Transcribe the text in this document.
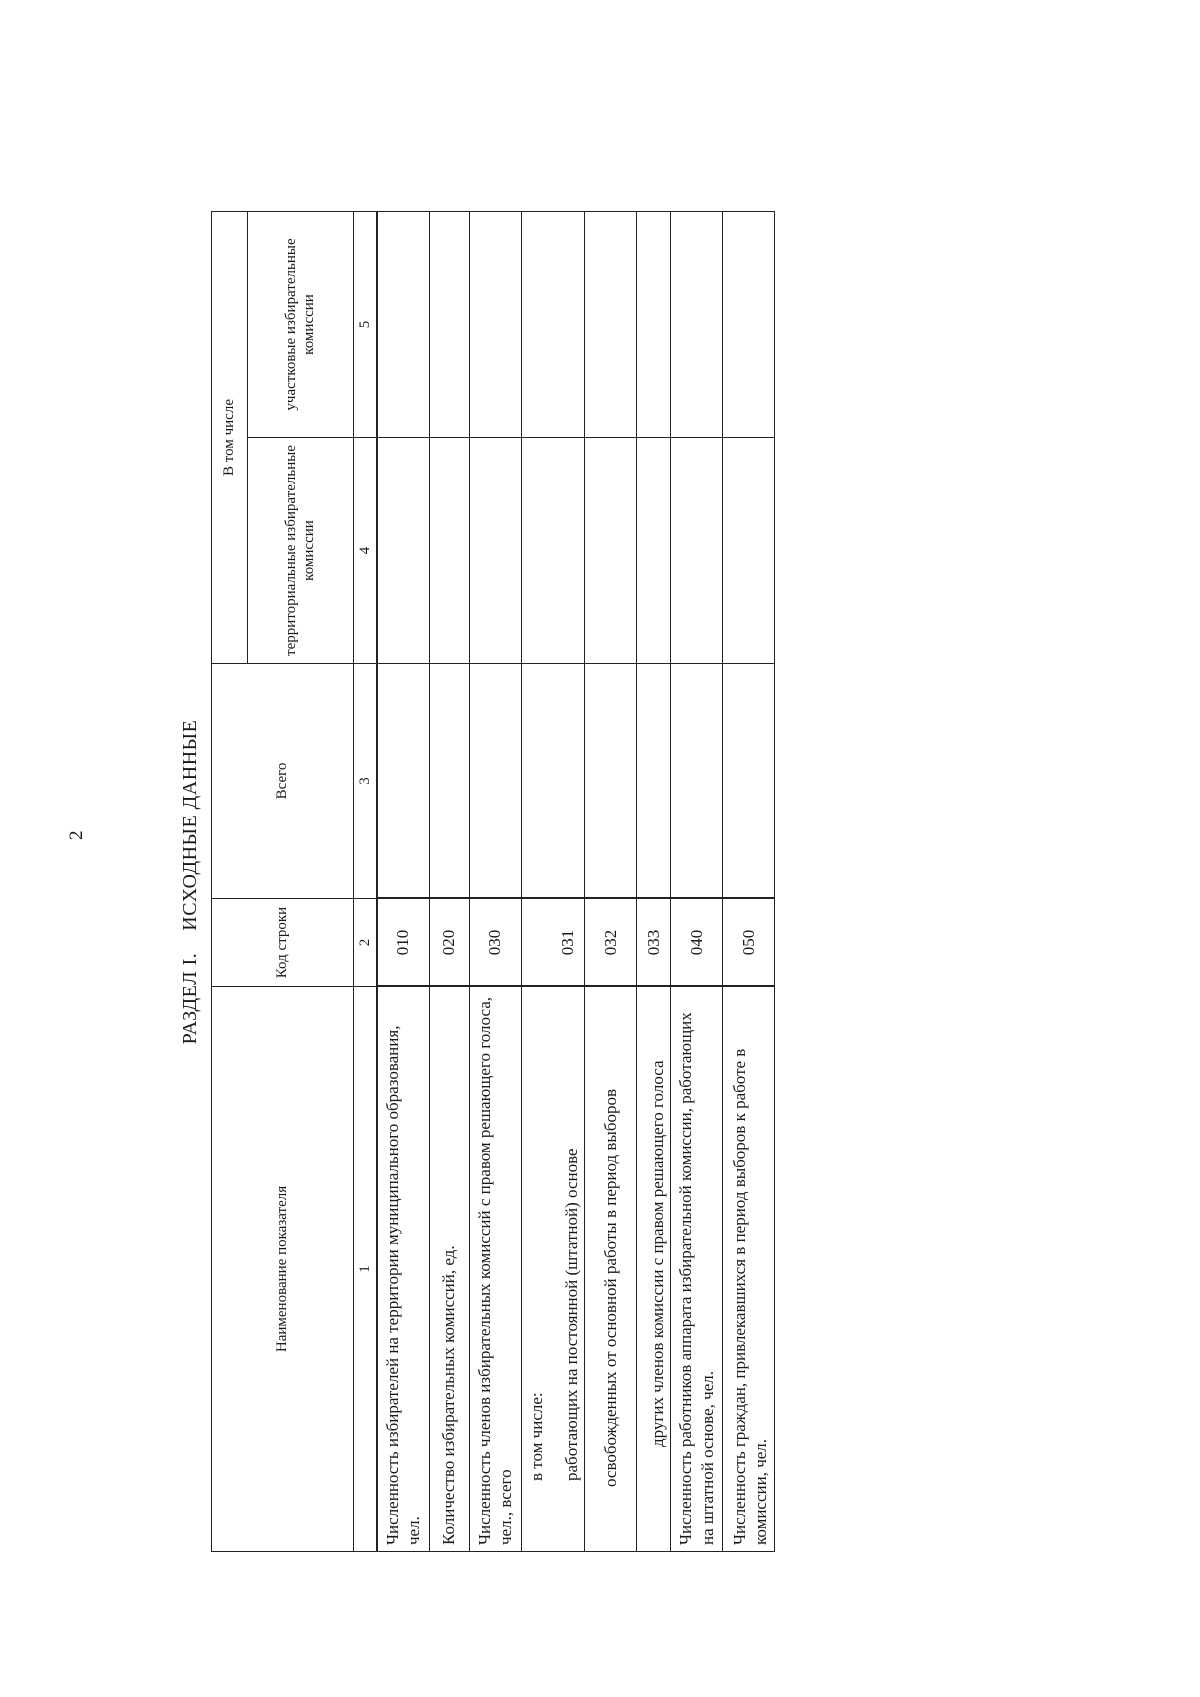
2	РАЗДЕЛ I.    ИСХОДНЫЕ ДАННЫЕ
Наименование показателя	Код строки	Всего	В том числе	
			территориальные избирательные комиссии	участковые избирательные комиссии
1	2	3	4	5
Численность избирателей на территории муниципального образования, чел.	010			
Количество избирательных комиссий, ед.	020			
Численность членов избирательных комиссий с правом решающего голоса, чел., всего	030			

в том числе: работающих на постоянной (штатной) основе	031			
освобожденных от основной работы в период выборов	032			
других членов комиссии с правом решающего голоса	033			
Численность работников аппарата избирательной комиссии, работающих на штатной основе, чел.	040			
Численность граждан, привлекавшихся в период выборов к работе в комиссии, чел.	050			
